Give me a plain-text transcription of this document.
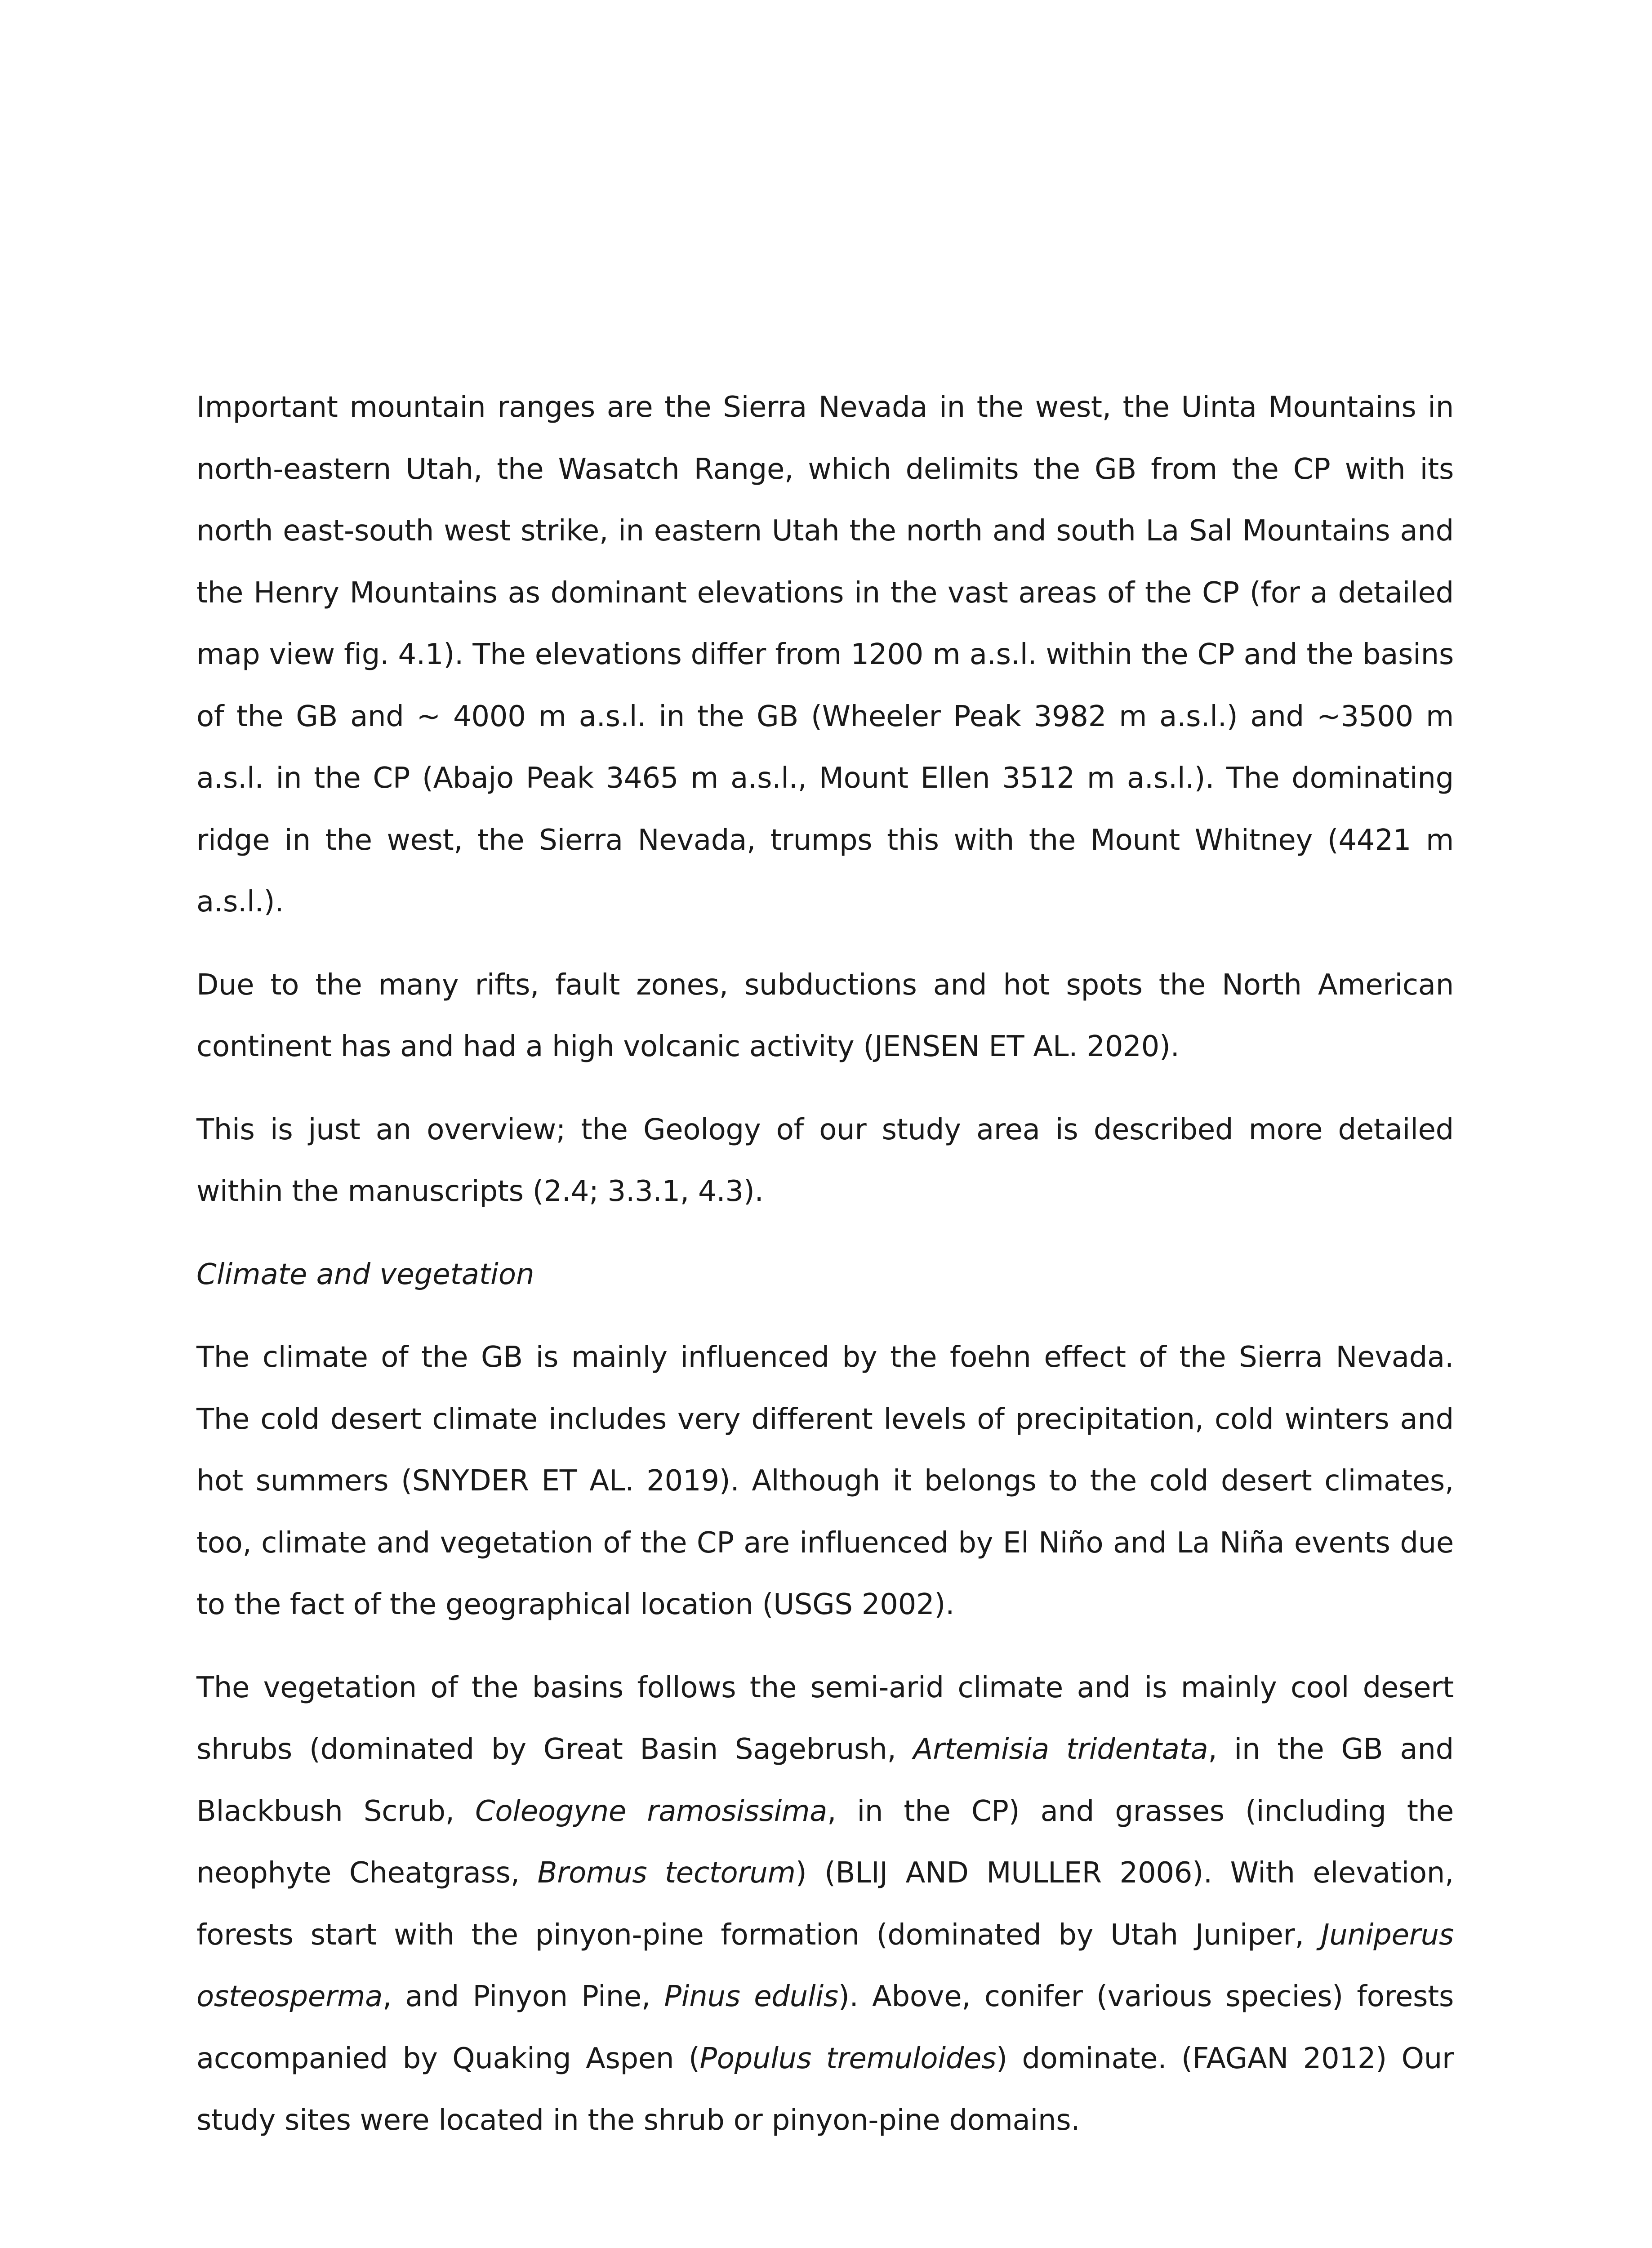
Important mountain ranges are the Sierra Nevada in the west, the Uinta Mountains in north-eastern Utah, the Wasatch Range, which delimits the GB from the CP with its north east-south west strike, in eastern Utah the north and south La Sal Mountains and the Henry Mountains as dominant elevations in the vast areas of the CP (for a detailed map view fig. 4.1). The elevations differ from 1200 m a.s.l. within the CP and the basins of the GB and ~ 4000 m a.s.l. in the GB (Wheeler Peak 3982 m a.s.l.) and ~3500 m a.s.l. in the CP (Abajo Peak 3465 m a.s.l., Mount Ellen 3512 m a.s.l.). The dominating ridge in the west, the Sierra Nevada, trumps this with the Mount Whitney (4421 m a.s.l.).

Due to the many rifts, fault zones, subductions and hot spots the North American continent has and had a high volcanic activity (JENSEN ET AL. 2020).

This is just an overview; the Geology of our study area is described more detailed within the manuscripts (2.4; 3.3.1, 4.3).

Climate and vegetation

The climate of the GB is mainly influenced by the foehn effect of the Sierra Nevada. The cold desert climate includes very different levels of precipitation, cold winters and hot summers (SNYDER ET AL. 2019). Although it belongs to the cold desert climates, too, climate and vegetation of the CP are influenced by El Niño and La Niña events due to the fact of the geographical location (USGS 2002).

The vegetation of the basins follows the semi-arid climate and is mainly cool desert shrubs (dominated by Great Basin Sagebrush, Artemisia tridentata, in the GB and Blackbush Scrub, Coleogyne ramosissima, in the CP) and grasses (including the neophyte Cheatgrass, Bromus tectorum) (BLIJ AND MULLER 2006). With elevation, forests start with the pinyon-pine formation (dominated by Utah Juniper, Juniperus osteosperma, and Pinyon Pine, Pinus edulis). Above, conifer (various species) forests accompanied by Quaking Aspen (Populus tremuloides) dominate. (FAGAN 2012) Our study sites were located in the shrub or pinyon-pine domains.
